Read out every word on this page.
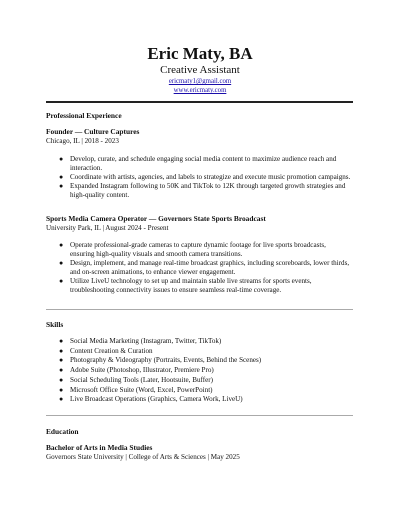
Eric Maty, BA
Creative Assistant
ericmaty1@gmail.com
www.ericmaty.com
Professional Experience
Founder — Culture Captures
Chicago, IL | 2018 - 2023
● Develop, curate, and schedule engaging social media content to maximize audience reach and interaction.
● Coordinate with artists, agencies, and labels to strategize and execute music promotion campaigns.
● Expanded Instagram following to 50K and TikTok to 12K through targeted growth strategies and high-quality content.
Sports Media Camera Operator — Governors State Sports Broadcast
University Park, IL | August 2024 - Present
● Operate professional-grade cameras to capture dynamic footage for live sports broadcasts, ensuring high-quality visuals and smooth camera transitions.
● Design, implement, and manage real-time broadcast graphics, including scoreboards, lower thirds, and on-screen animations, to enhance viewer engagement.
● Utilize LiveU technology to set up and maintain stable live streams for sports events, troubleshooting connectivity issues to ensure seamless real-time coverage.
Skills
● Social Media Marketing (Instagram, Twitter, TikTok)
● Content Creation & Curation
● Photography & Videography (Portraits, Events, Behind the Scenes)
● Adobe Suite (Photoshop, Illustrator, Premiere Pro)
● Social Scheduling Tools (Later, Hootsuite, Buffer)
● Microsoft Office Suite (Word, Excel, PowerPoint)
● Live Broadcast Operations (Graphics, Camera Work, LiveU)
Education
Bachelor of Arts in Media Studies
Governors State University | College of Arts & Sciences | May 2025
